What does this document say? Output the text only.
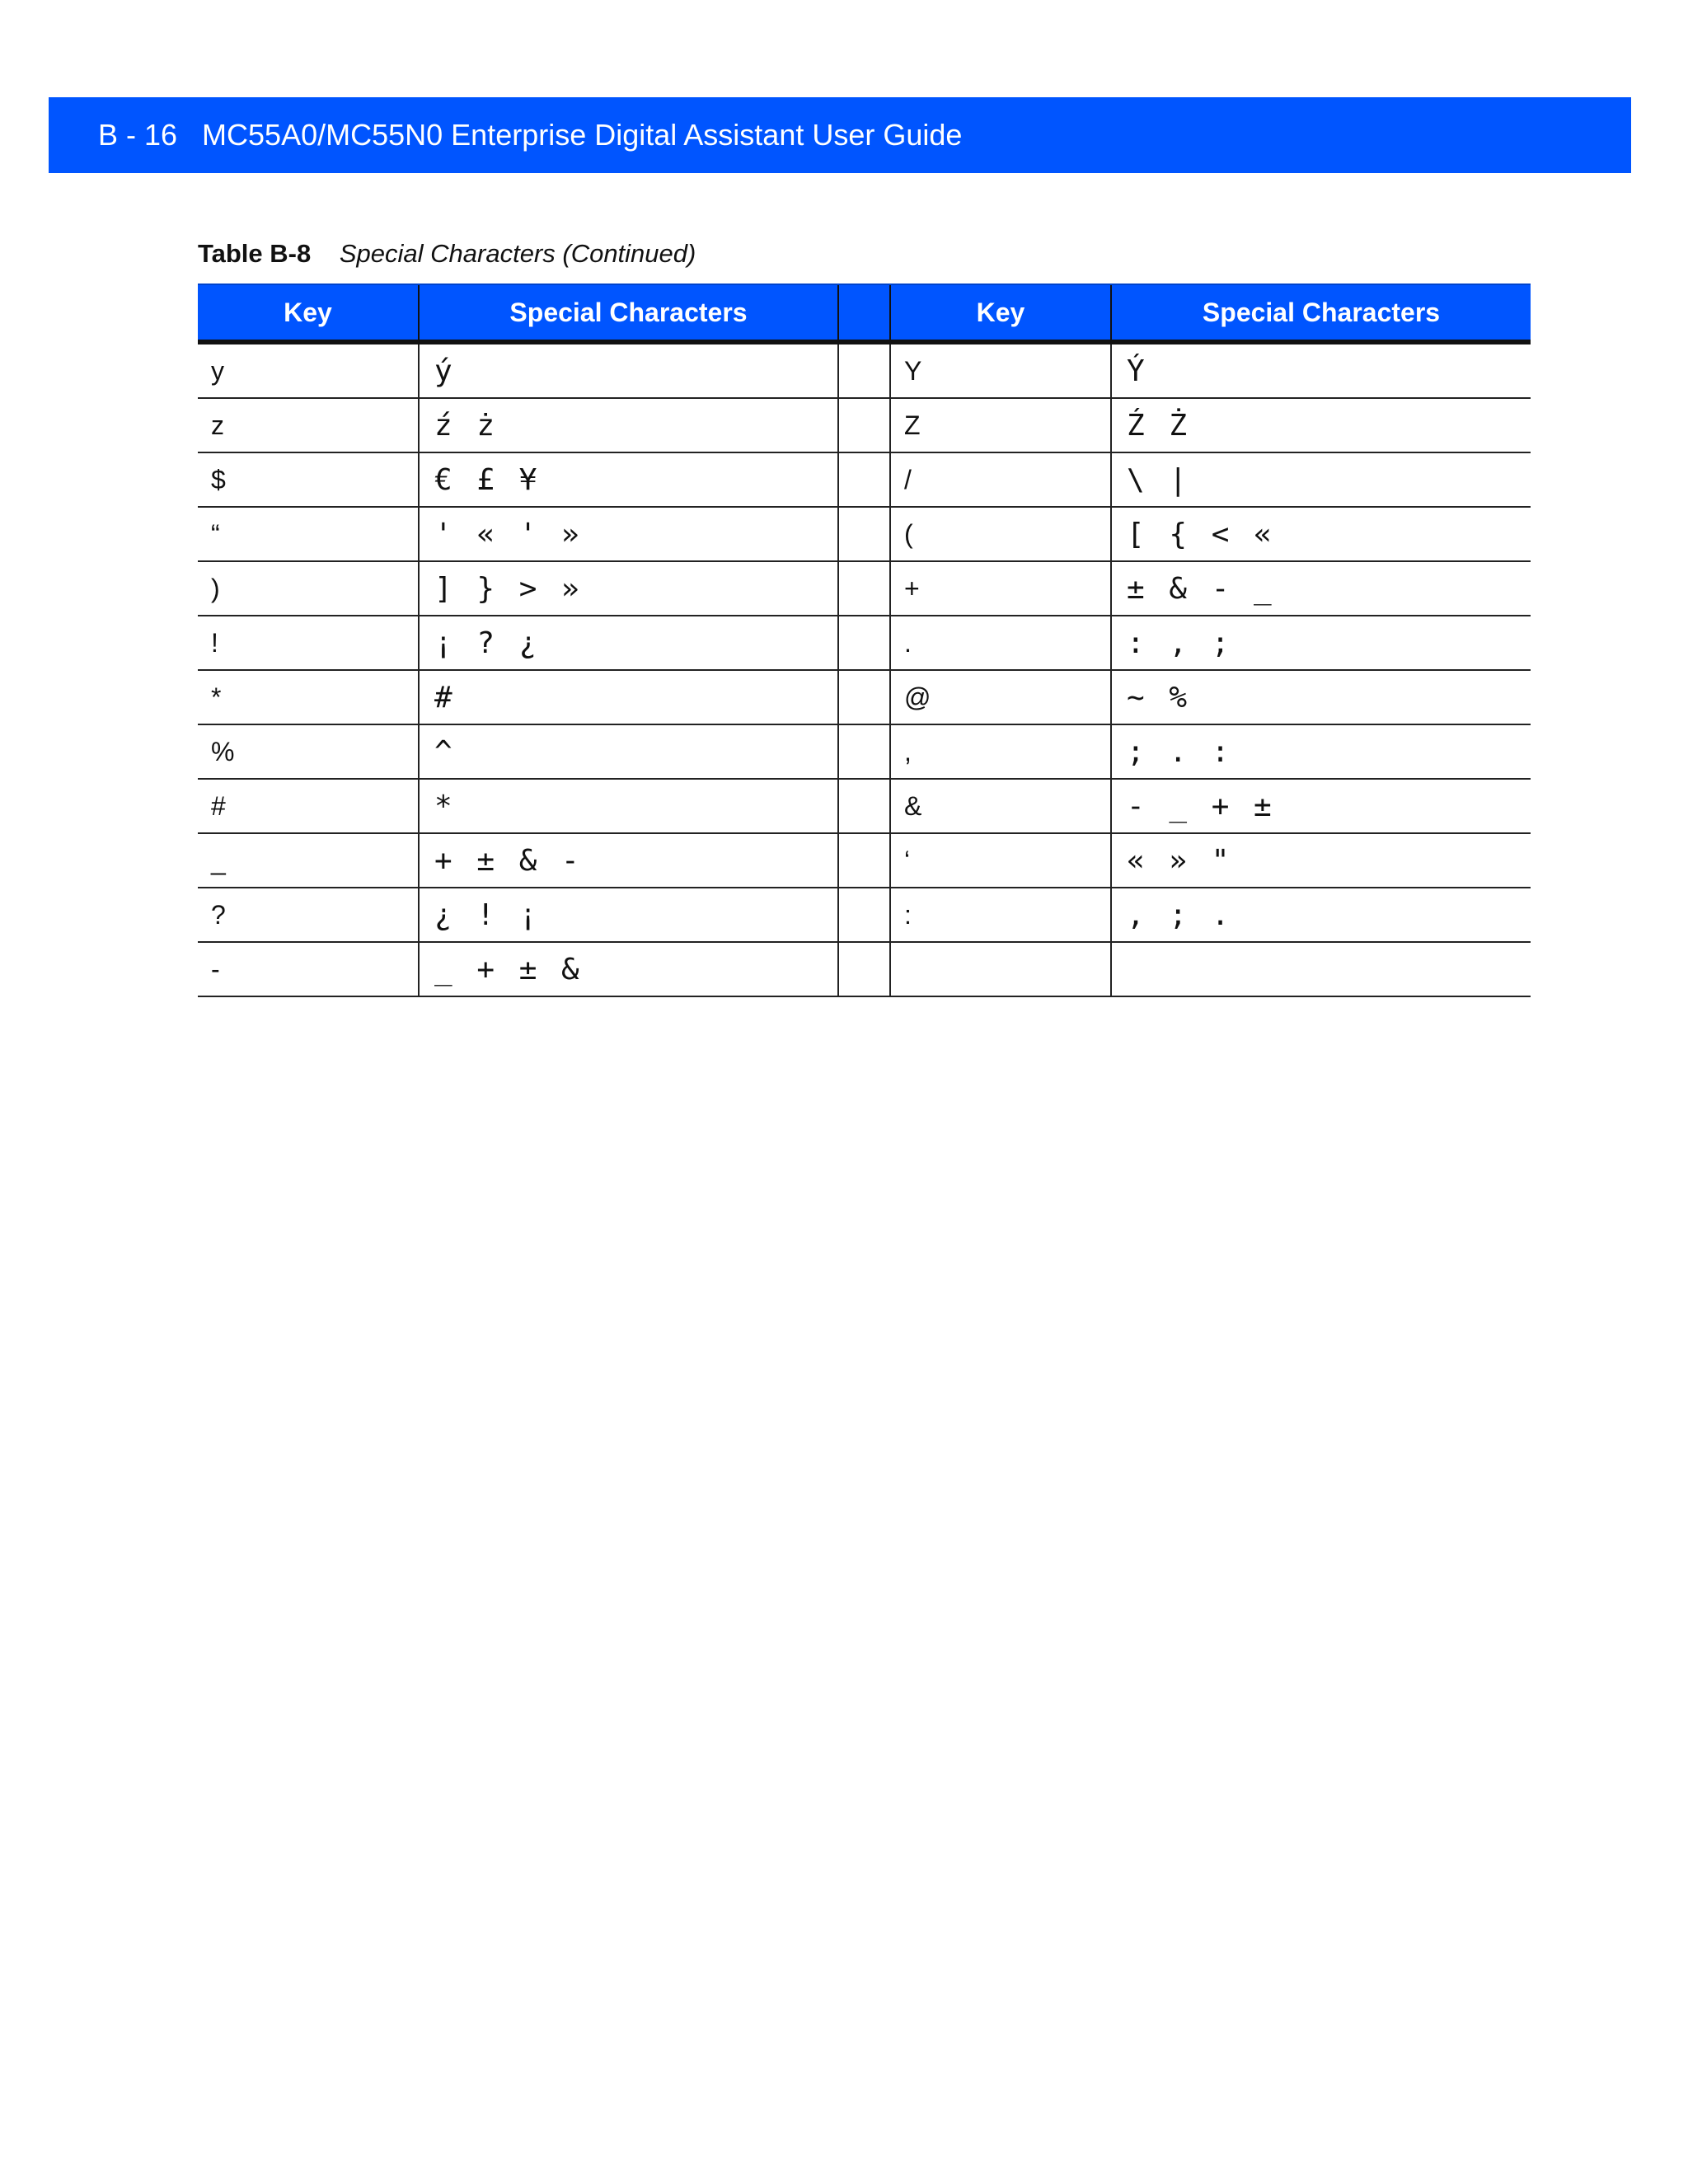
B - 16 MC55A0/MC55N0 Enterprise Digital Assistant User Guide
Table B-8 Special Characters (Continued)
Key	Special Characters		Key	Special Characters
y	ý		Y	Ý
z	ź ż		Z	Ź Ż
$	€ £ ¥		/	\ |
“	' « ' »		(	[ { < «
)	] } > »		+	± & - _
!	¡ ? ¿		.	: , ;
*	#		@	~ %
%	^		,	; . :
#	*		&	- _ + ±
_	+ ± & -		‘	« » "
?	¿ ! ¡		:	, ; .
-	_ + ± &			
